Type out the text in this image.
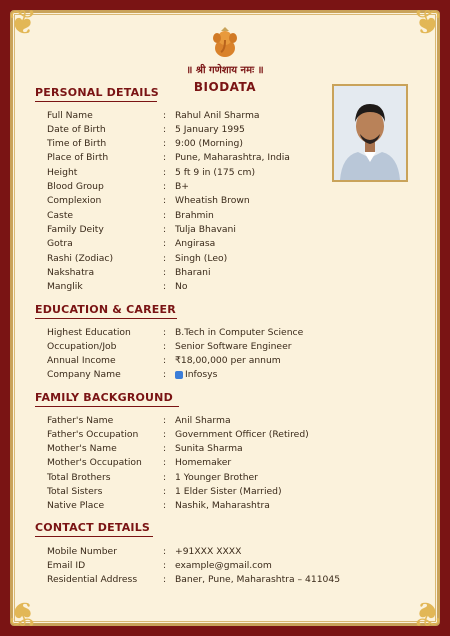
❦	❦
❦	❦
॥ श्री गणेशाय नमः ॥
BIODATA
PERSONAL DETAILS
Full Name	: Rahul Anil Sharma
Date of Birth	: 5 January 1995
Time of Birth	: 9:00 (Morning)
Place of Birth	: Pune, Maharashtra, India
Height	: 5 ft 9 in (175 cm)
Blood Group	: B+
Complexion	: Wheatish Brown
Caste	: Brahmin
Family Deity	: Tulja Bhavani
Gotra	: Angirasa
Rashi (Zodiac)	: Singh (Leo)
Nakshatra	: Bharani
Manglik	: No
EDUCATION & CAREER
Highest Education	: B.Tech in Computer Science
Occupation/Job	: Senior Software Engineer
Annual Income	: ₹18,00,000 per annum
Company Name	:	Infosys
FAMILY BACKGROUND
Father's Name	: Anil Sharma
Father's Occupation	: Government Officer (Retired)
Mother's Name	: Sunita Sharma
Mother's Occupation	: Homemaker
Total Brothers	: 1 Younger Brother
Total Sisters	: 1 Elder Sister (Married)
Native Place	: Nashik, Maharashtra
CONTACT DETAILS
Mobile Number	: +91XXX XXXX
Email ID	: example@gmail.com
Residential Address	: Baner, Pune, Maharashtra – 411045
